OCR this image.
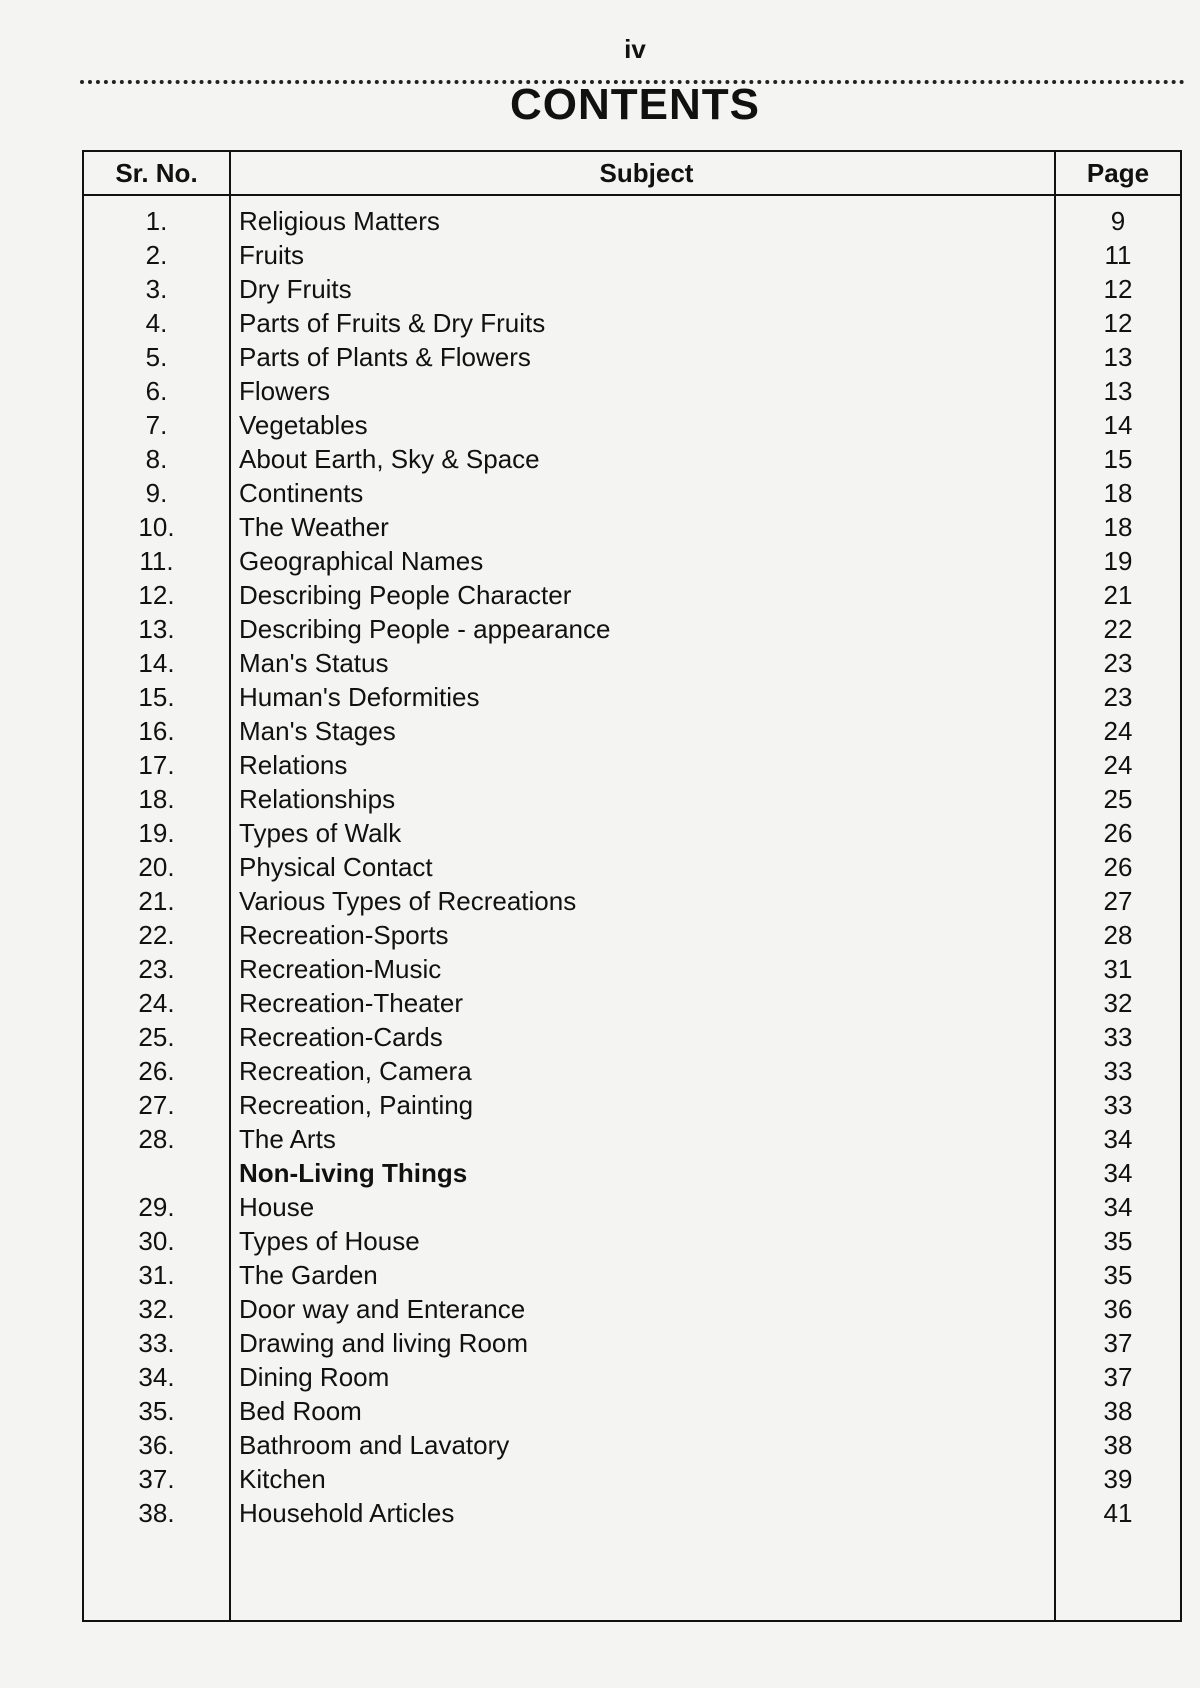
iv
CONTENTS
Sr. No.	Subject	Page
1.	Religious Matters	9
2.	Fruits	11
3.	Dry Fruits	12
4.	Parts of Fruits & Dry Fruits	12
5.	Parts of Plants & Flowers	13
6.	Flowers	13
7.	Vegetables	14
8.	About Earth, Sky & Space	15
9.	Continents	18
10.	The Weather	18
11.	Geographical Names	19
12.	Describing People Character	21
13.	Describing People - appearance	22
14.	Man's Status	23
15.	Human's Deformities	23
16.	Man's Stages	24
17.	Relations	24
18.	Relationships	25
19.	Types of Walk	26
20.	Physical Contact	26
21.	Various Types of Recreations	27
22.	Recreation-Sports	28
23.	Recreation-Music	31
24.	Recreation-Theater	32
25.	Recreation-Cards	33
26.	Recreation, Camera	33
27.	Recreation, Painting	33
28.	The Arts	34
	Non-Living Things	34
29.	House	34
30.	Types of House	35
31.	The Garden	35
32.	Door way and Enterance	36
33.	Drawing and living Room	37
34.	Dining Room	37
35.	Bed Room	38
36.	Bathroom and Lavatory	38
37.	Kitchen	39
38.	Household Articles	41
